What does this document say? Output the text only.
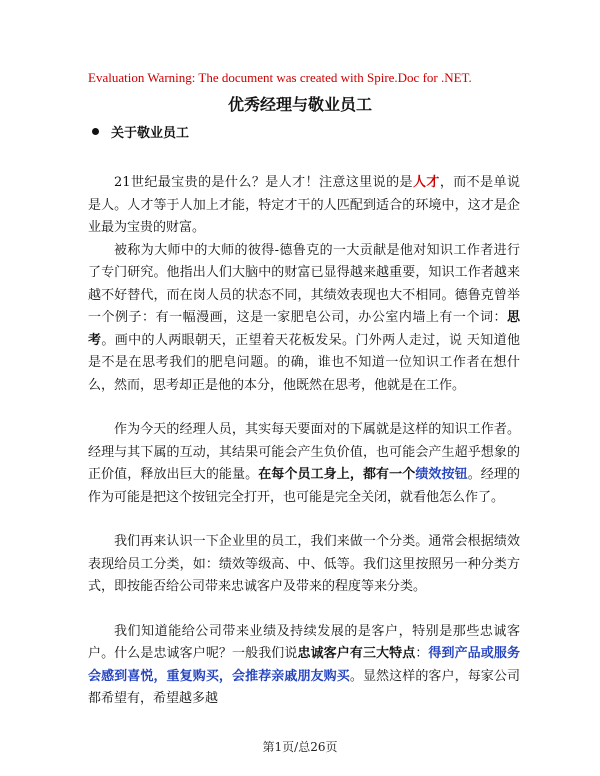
Evaluation Warning: The document was created with Spire.Doc for .NET.
优秀经理与敬业员工
关于敬业员工

21世纪最宝贵的是什么？是人才！注意这里说的是人才，而不是单说是人。人才等于人加上才能，特定才干的人匹配到适合的环境中，这才是企业最为宝贵的财富。

被称为大师中的大师的彼得-德鲁克的一大贡献是他对知识工作者进行了专门研究。他指出人们大脑中的财富已显得越来越重要，知识工作者越来越不好替代，而在岗人员的状态不同，其绩效表现也大不相同。德鲁克曾举一个例子：有一幅漫画，这是一家肥皂公司，办公室内墙上有一个词：思考。画中的人两眼朝天，正望着天花板发呆。门外两人走过，说 天知道他是不是在思考我们的肥皂问题。的确，谁也不知道一位知识工作者在想什么，然而，思考却正是他的本分，他既然在思考，他就是在工作。

作为今天的经理人员，其实每天要面对的下属就是这样的知识工作者。经理与其下属的互动，其结果可能会产生负价值，也可能会产生超乎想象的正价值，释放出巨大的能量。在每个员工身上，都有一个绩效按钮。经理的作为可能是把这个按钮完全打开，也可能是完全关闭，就看他怎么作了。

我们再来认识一下企业里的员工，我们来做一个分类。通常会根据绩效表现给员工分类，如：绩效等级高、中、低等。我们这里按照另一种分类方式，即按能否给公司带来忠诚客户及带来的程度等来分类。

我们知道能给公司带来业绩及持续发展的是客户，特别是那些忠诚客户。什么是忠诚客户呢？一般我们说忠诚客户有三大特点：得到产品或服务会感到喜悦，重复购买，会推荐亲戚朋友购买。显然这样的客户，每家公司都希望有，希望越多越

第1页/总26页
